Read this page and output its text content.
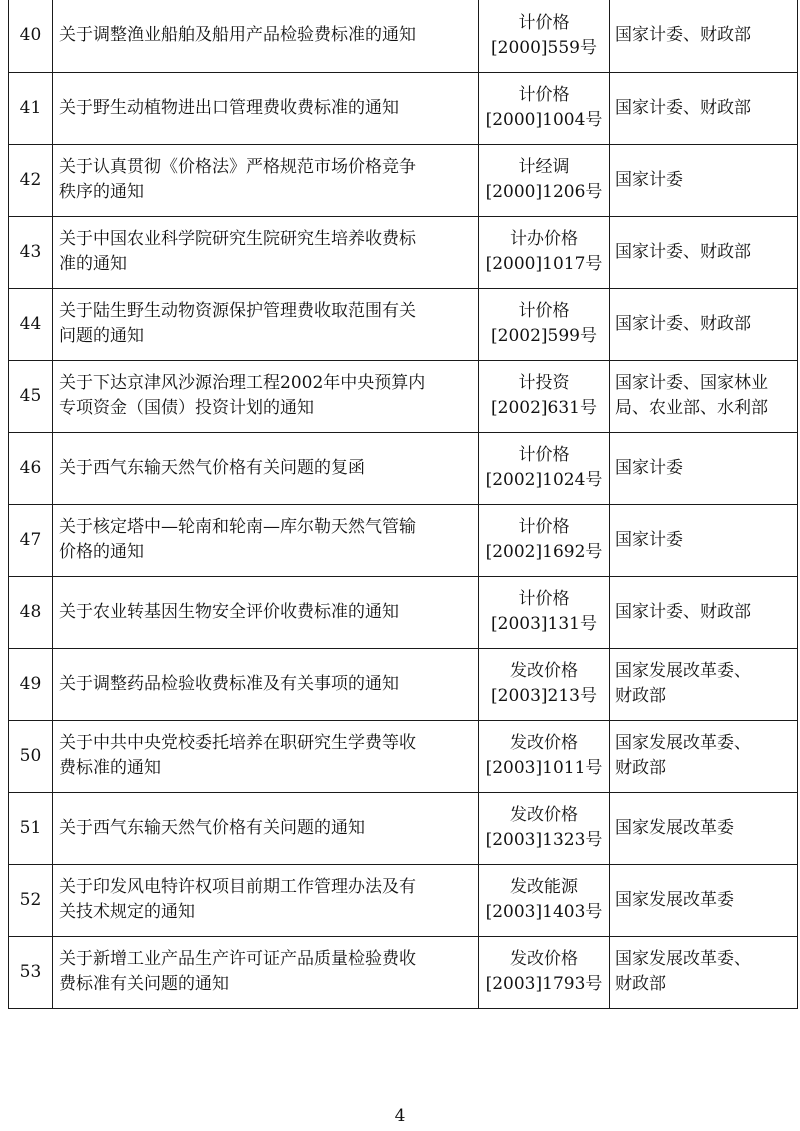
40	关于调整渔业船舶及船用产品检验费标准的通知	计价格
[2000]559号	国家计委、财政部

41	关于野生动植物进出口管理费收费标准的通知	计价格
[2000]1004号	国家计委、财政部

42	关于认真贯彻《价格法》严格规范市场价格竞争
秩序的通知	计经调
[2000]1206号	国家计委

43	关于中国农业科学院研究生院研究生培养收费标
准的通知	计办价格
[2000]1017号	国家计委、财政部

44	关于陆生野生动物资源保护管理费收取范围有关
问题的通知	计价格
[2002]599号	国家计委、财政部

45	关于下达京津风沙源治理工程2002年中央预算内
专项资金（国债）投资计划的通知	计投资
[2002]631号	国家计委、国家林业
局、农业部、水利部

46	关于西气东输天然气价格有关问题的复函	计价格
[2002]1024号	国家计委

47	关于核定塔中—轮南和轮南—库尔勒天然气管输
价格的通知	计价格
[2002]1692号	国家计委

48	关于农业转基因生物安全评价收费标准的通知	计价格
[2003]131号	国家计委、财政部

49	关于调整药品检验收费标准及有关事项的通知	发改价格
[2003]213号	国家发展改革委、
财政部

50	关于中共中央党校委托培养在职研究生学费等收
费标准的通知	发改价格
[2003]1011号	国家发展改革委、
财政部

51	关于西气东输天然气价格有关问题的通知	发改价格
[2003]1323号	国家发展改革委

52	关于印发风电特许权项目前期工作管理办法及有
关技术规定的通知	发改能源
[2003]1403号	国家发展改革委

53	关于新增工业产品生产许可证产品质量检验费收
费标准有关问题的通知	发改价格
[2003]1793号	国家发展改革委、
财政部
4
